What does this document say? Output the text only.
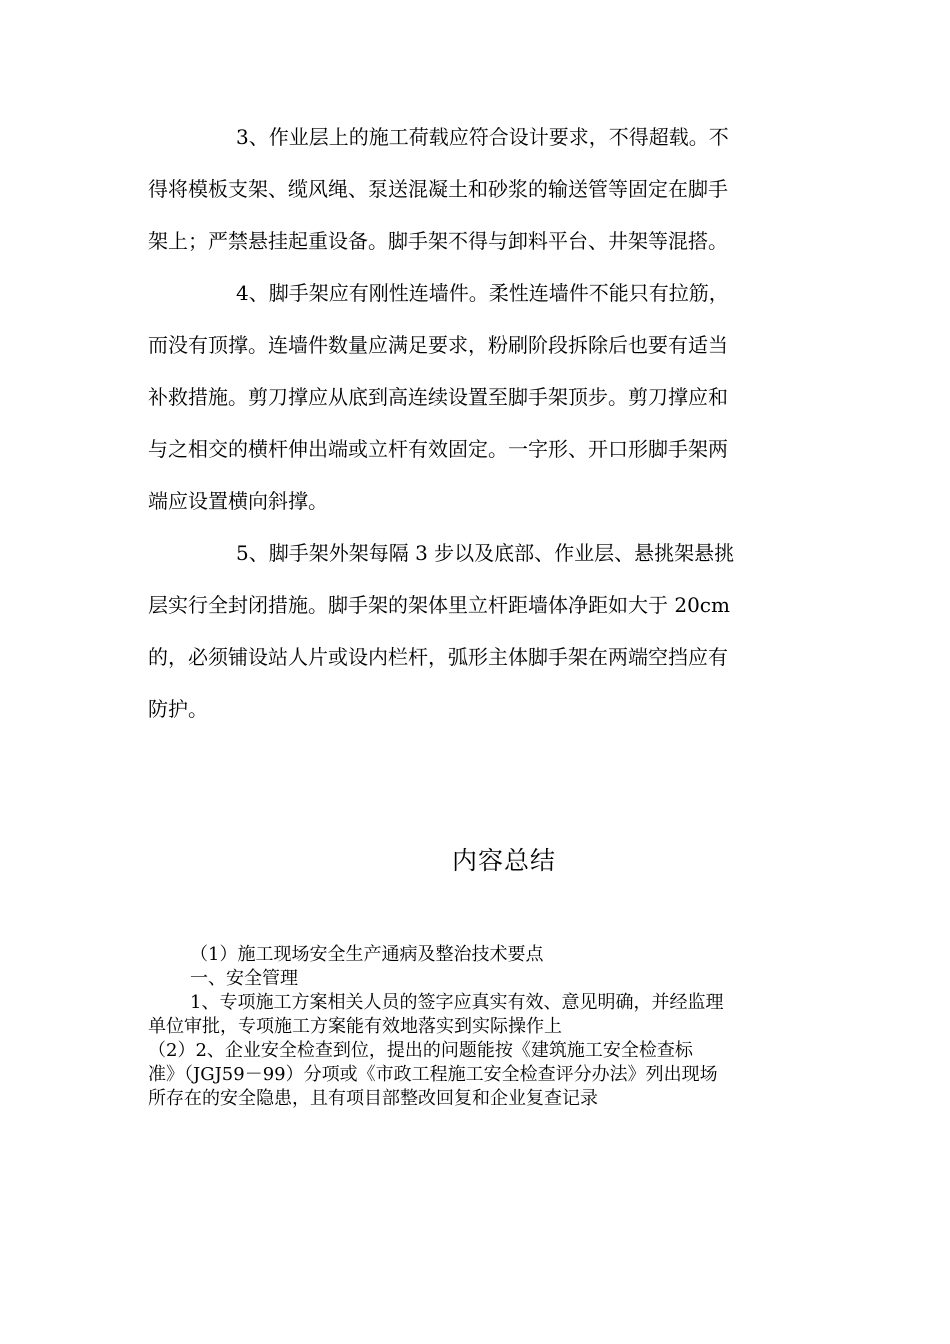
3、作业层上的施工荷载应符合设计要求，不得超载。不
得将模板支架、缆风绳、泵送混凝土和砂浆的输送管等固定在脚手
架上；严禁悬挂起重设备。脚手架不得与卸料平台、井架等混搭。
4、脚手架应有刚性连墙件。柔性连墙件不能只有拉筋，
而没有顶撑。连墙件数量应满足要求，粉刷阶段拆除后也要有适当
补救措施。剪刀撑应从底到高连续设置至脚手架顶步。剪刀撑应和
与之相交的横杆伸出端或立杆有效固定。一字形、开口形脚手架两
端应设置横向斜撑。
5、脚手架外架每隔 3 步以及底部、作业层、悬挑架悬挑
层实行全封闭措施。脚手架的架体里立杆距墙体净距如大于 20cm
的，必须铺设站人片或设内栏杆，弧形主体脚手架在两端空挡应有
防护。
内容总结
（1）施工现场安全生产通病及整治技术要点
一、安全管理
1、专项施工方案相关人员的签字应真实有效、意见明确，并经监理
单位审批，专项施工方案能有效地落实到实际操作上
（2）2、企业安全检查到位，提出的问题能按《建筑施工安全检查标
准》（JGJ59－99）分项或《市政工程施工安全检查评分办法》列出现场
所存在的安全隐患，且有项目部整改回复和企业复查记录
